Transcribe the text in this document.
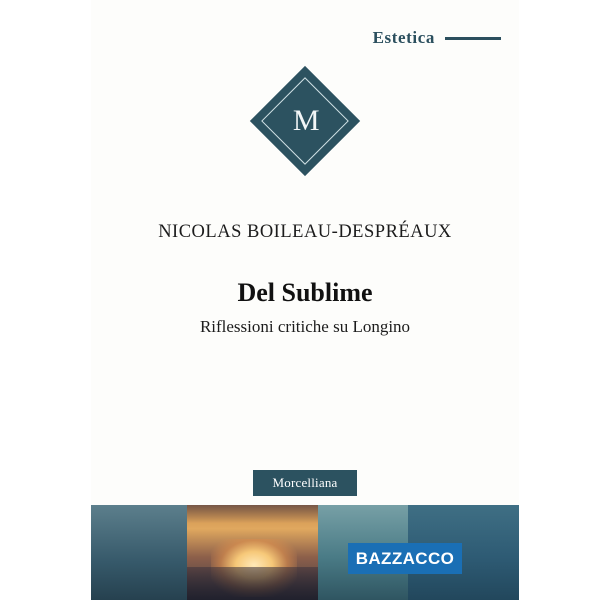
Estetica
M
NICOLAS BOILEAU-DESPRÉAUX
Del Sublime
Riflessioni critiche su Longino
Morcelliana
BAZZACCO
